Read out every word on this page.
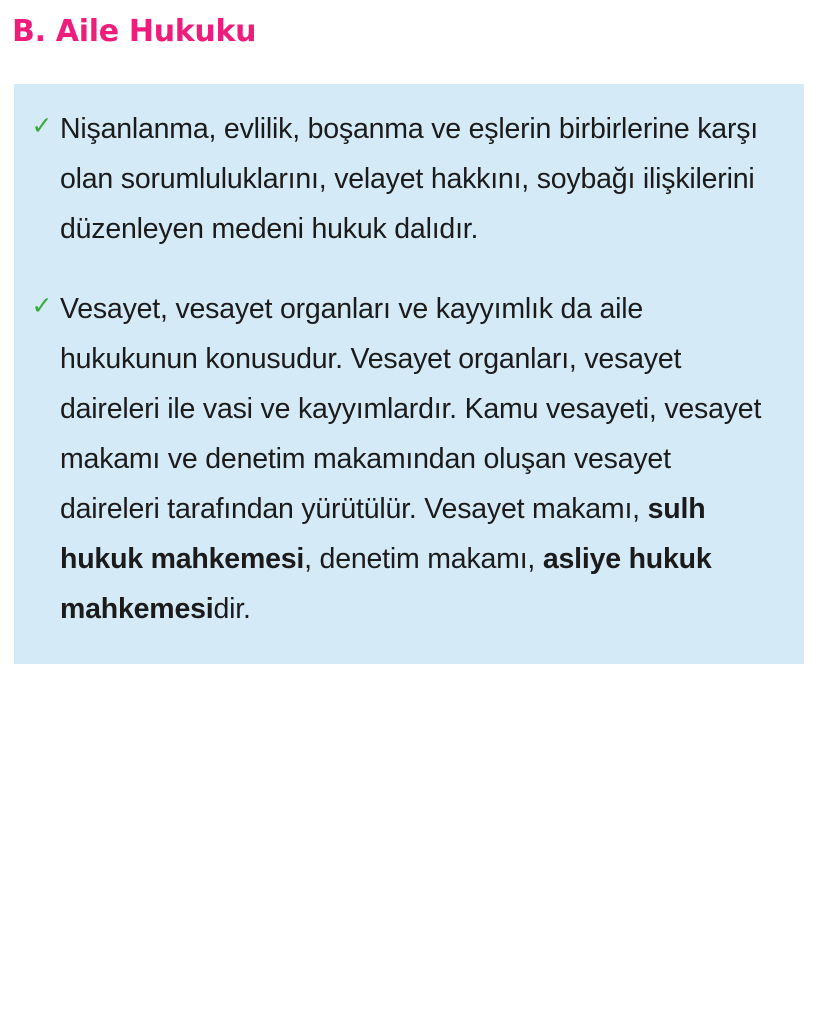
B. Aile Hukuku
✓ Nişanlanma, evlilik, boşanma ve eşlerin birbirlerine karşı olan sorumluluklarını, velayet hakkını, soybağı ilişkilerini düzenleyen medeni hukuk dalıdır.
✓ Vesayet, vesayet organları ve kayyımlık da aile hukukunun konusudur. Vesayet organları, vesayet daireleri ile vasi ve kayyımlardır. Kamu vesayeti, vesayet makamı ve denetim makamından oluşan vesayet daireleri tarafından yürütülür. Vesayet makamı, sulh hukuk mahkemesi, denetim makamı, asliye hukuk mahkemesidir.
